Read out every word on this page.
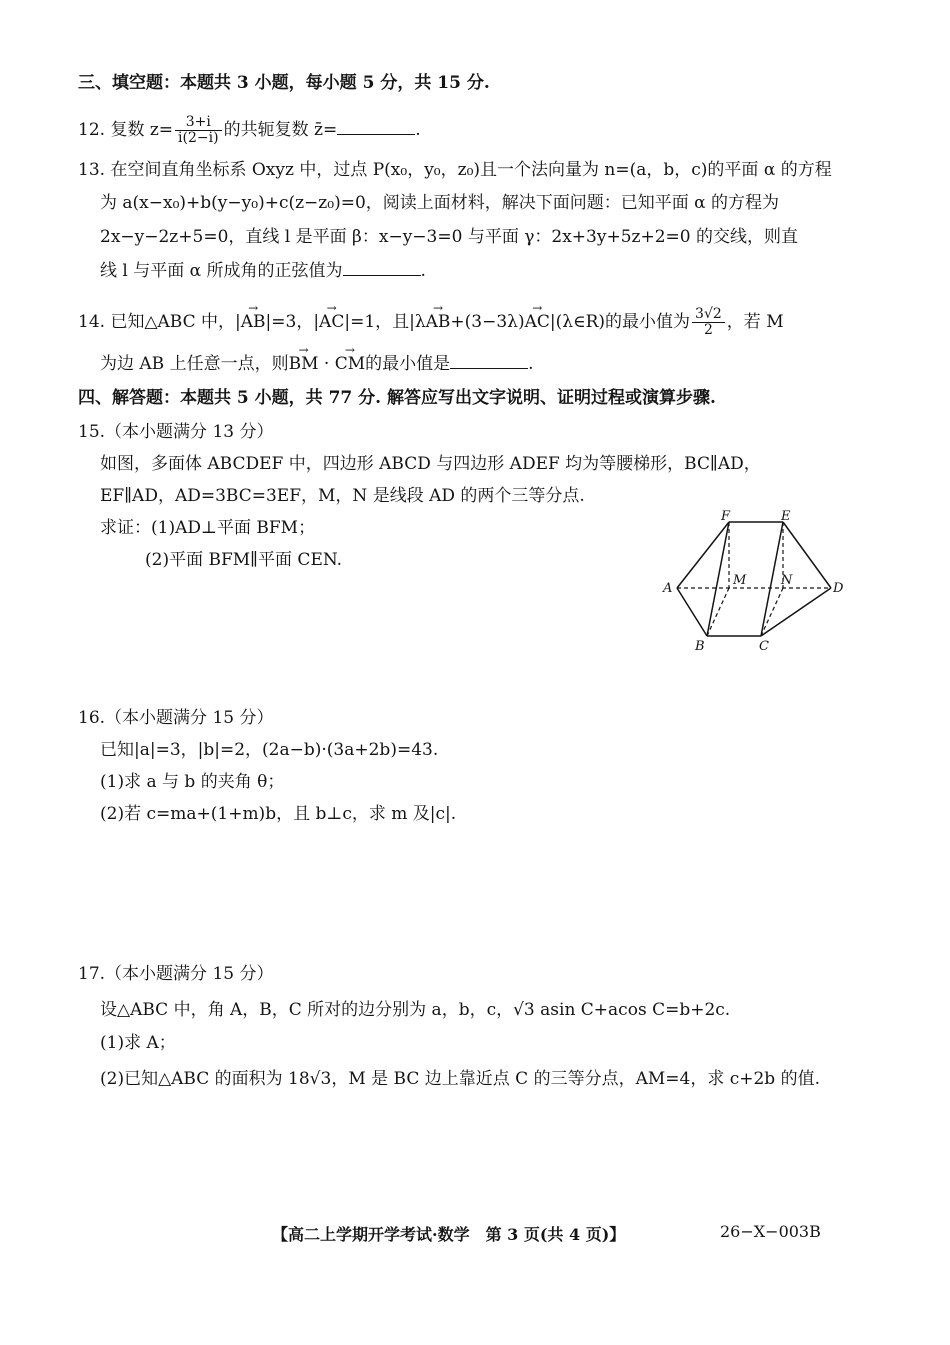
三、填空题：本题共 3 小题，每小题 5 分，共 15 分.
12. 复数 $z= \frac{3+i}{i(2-i)}$ 的共轭复数 z̄=	.
13. 在空间直角坐标系 Oxyz 中，过点 P(x₀，y₀，z₀)且一个法向量为 n=(a，b，c)的平面 α 的方程
为 a(x−x₀)+b(y−y₀)+c(z−z₀)=0，阅读上面材料，解决下面问题：已知平面 α 的方程为
2x−y−2z+5=0，直线 l 是平面 β：x−y−3=0 与平面 γ：2x+3y+5z+2=0 的交线，则直
线 l 与平面 α 所成角的正弦值为	.
14. 已知△ABC 中，|→ AB|=3，|→ AC|=1，且|λ→ AB+(3−3λ)→ AC|(λ∈R)的最小值为 $\frac{3√2}{2}$ ，若 M
为边 AB 上任意一点，则→ BM · → CM的最小值是	.
四、解答题：本题共 5 小题，共 77 分. 解答应写出文字说明、证明过程或演算步骤.
15.（本小题满分 13 分）
如图，多面体 ABCDEF 中，四边形 ABCD 与四边形 ADEF 均为等腰梯形，BC∥AD，
EF∥AD，AD=3BC=3EF，M，N 是线段 AD 的两个三等分点.
求证：(1)AD⊥平面 BFM；
(2)平面 BFM∥平面 CEN.
F	E
A	D
M	N
B	C
16.（本小题满分 15 分）
已知|a|=3，|b|=2，(2a−b)·(3a+2b)=43.
(1)求 a 与 b 的夹角 θ；
(2)若 c=ma+(1+m)b，且 b⊥c，求 m 及|c|.
17.（本小题满分 15 分）
设△ABC 中，角 A，B，C 所对的边分别为 a，b，c，√3 asin C+acos C=b+2c.
(1)求 A；
(2)已知△ABC 的面积为 18√3，M 是 BC 边上靠近点 C 的三等分点，AM=4，求 c+2b 的值.
【高二上学期开学考试·数学　第 3 页(共 4 页)】	26−X−003B
